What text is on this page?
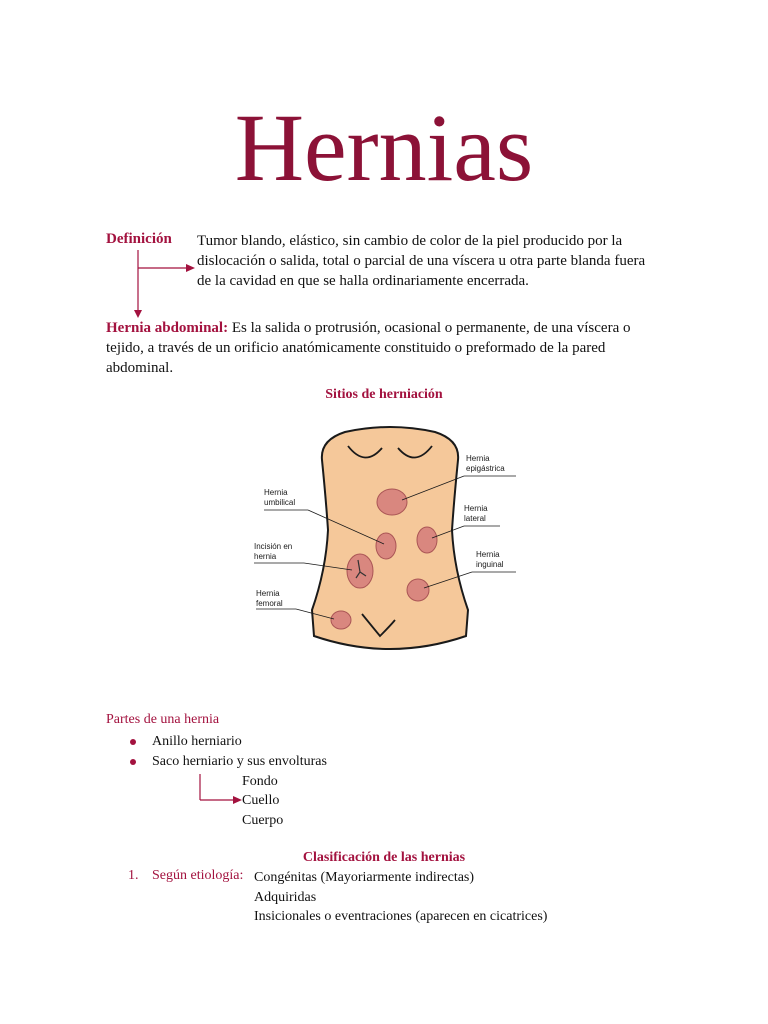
Hernias
Definición Tumor blando, elástico, sin cambio de color de la piel producido por la dislocación o salida, total o parcial de una víscera u otra parte blanda fuera de la cavidad en que se halla ordinariamente encerrada.
Hernia abdominal: Es la salida o protrusión, ocasional o permanente, de una víscera o tejido, a través de un orificio anatómicamente constituido o preformado de la pared abdominal.
Sitios de herniación
Hernia
epigástrica
Hernia
umbilical
Hernia
lateral
Incisión en
hernia	Hernia
inguinal
Hernia
femoral
Partes de una hernia
Anillo herniario
Saco herniario y sus envolturas
Fondo
Cuello
Cuerpo
Clasificación de las hernias
1. Según etiología: Congénitas (Mayoriarmente indirectas)
Adquiridas
Insicionales o eventraciones (aparecen en cicatrices)
